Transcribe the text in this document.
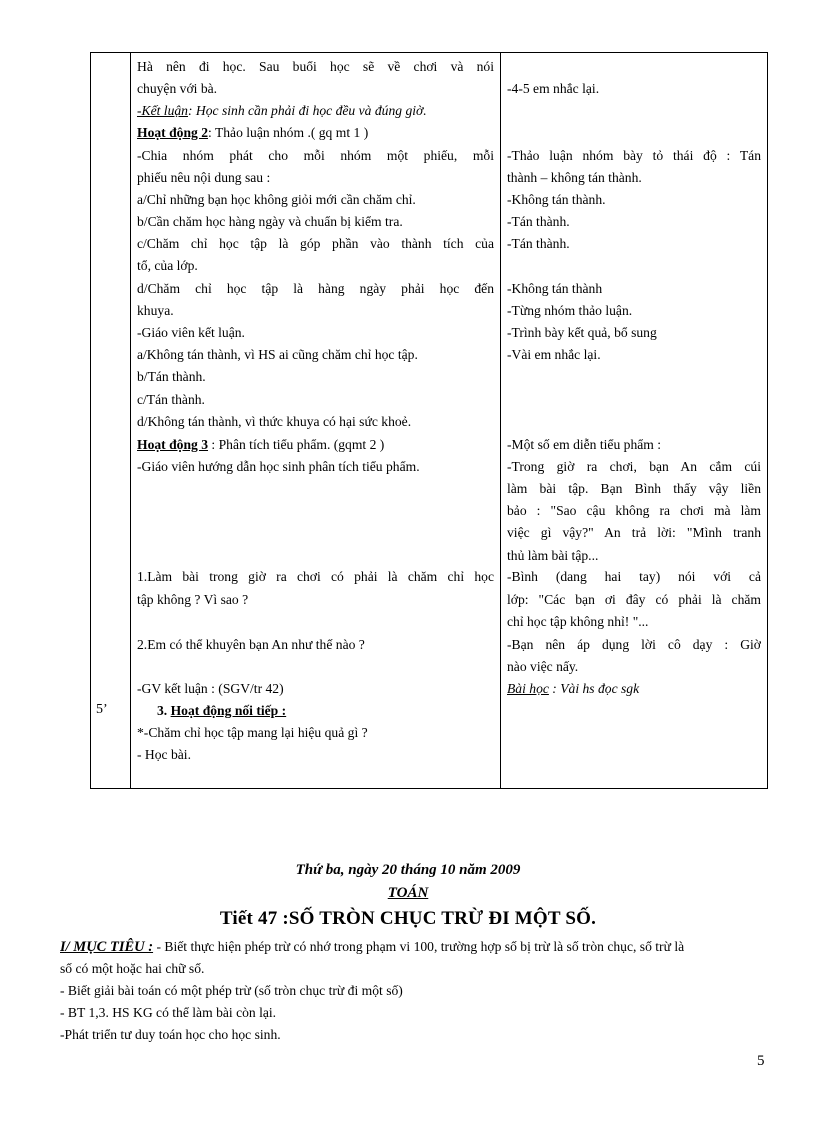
5’
Hà nên đi học. Sau buổi học sẽ về chơi và nói
chuyện với bà.
-Kết luận: Học sinh cần phải đi học đều và đúng giờ.
Hoạt động 2: Thảo luận nhóm .( gq mt 1 )
-Chia nhóm phát cho mỗi nhóm một phiếu, mỗi
phiếu nêu nội dung sau :
a/Chỉ những bạn học không giỏi mới cần chăm chỉ.
b/Cần chăm học hàng ngày và chuẩn bị kiểm tra.
c/Chăm chỉ học tập là góp phần vào thành tích của
tổ, của lớp.
d/Chăm chỉ học tập là hàng ngày phải học đến
khuya.
-Giáo viên kết luận.
a/Không tán thành, vì HS ai cũng chăm chỉ học tập.
b/Tán thành.
c/Tán thành.
d/Không tán thành, vì thức khuya có hại sức khoẻ.
Hoạt động 3 : Phân tích tiểu phẩm. (gqmt 2 )
-Giáo viên hướng dẫn học sinh phân tích tiểu phẩm.
1.Làm bài trong giờ ra chơi có phải là chăm chỉ học
tập không ? Vì sao ?
2.Em có thể khuyên bạn An như thế nào ?
-GV kết luận : (SGV/tr 42)
3. Hoạt động nối tiếp :
*-Chăm chỉ học tập mang lại hiệu quả gì ?
- Học bài.
-4-5 em nhắc lại.
-Thảo luận nhóm bày tỏ thái độ : Tán
thành – không tán thành.
-Không tán thành.
-Tán thành.
-Tán thành.
-Không tán thành
-Từng nhóm thảo luận.
-Trình bày kết quả, bổ sung
-Vài em nhắc lại.
-Một số em diễn tiểu phẩm :
-Trong giờ ra chơi, bạn An cắm cúi
làm bài tập. Bạn Bình thấy vậy liền
bảo : "Sao cậu không ra chơi mà làm
việc gì vậy?" An trả lời: "Mình tranh
thủ làm bài tập...
-Bình (dang hai tay) nói với cả
lớp: "Các bạn ơi đây có phải là chăm
chỉ học tập không nhỉ! "...
-Bạn nên áp dụng lời cô dạy : Giờ
nào việc nấy.
Bài học : Vài hs đọc sgk
Thứ ba, ngày 20 tháng 10 năm 2009
TOÁN
Tiết 47 :SỐ TRÒN CHỤC TRỪ ĐI MỘT SỐ.
I/ MỤC TIÊU : - Biết thực hiện phép trừ có nhớ trong phạm vi 100, trường hợp số bị trừ là số tròn chục, số trừ là
số có một hoặc hai chữ số.
- Biết giải bài toán có một phép trừ (số tròn chục trừ đi một số)
- BT 1,3. HS KG có thể làm bài còn lại.
-Phát triển tư duy toán học cho học sinh.
5
